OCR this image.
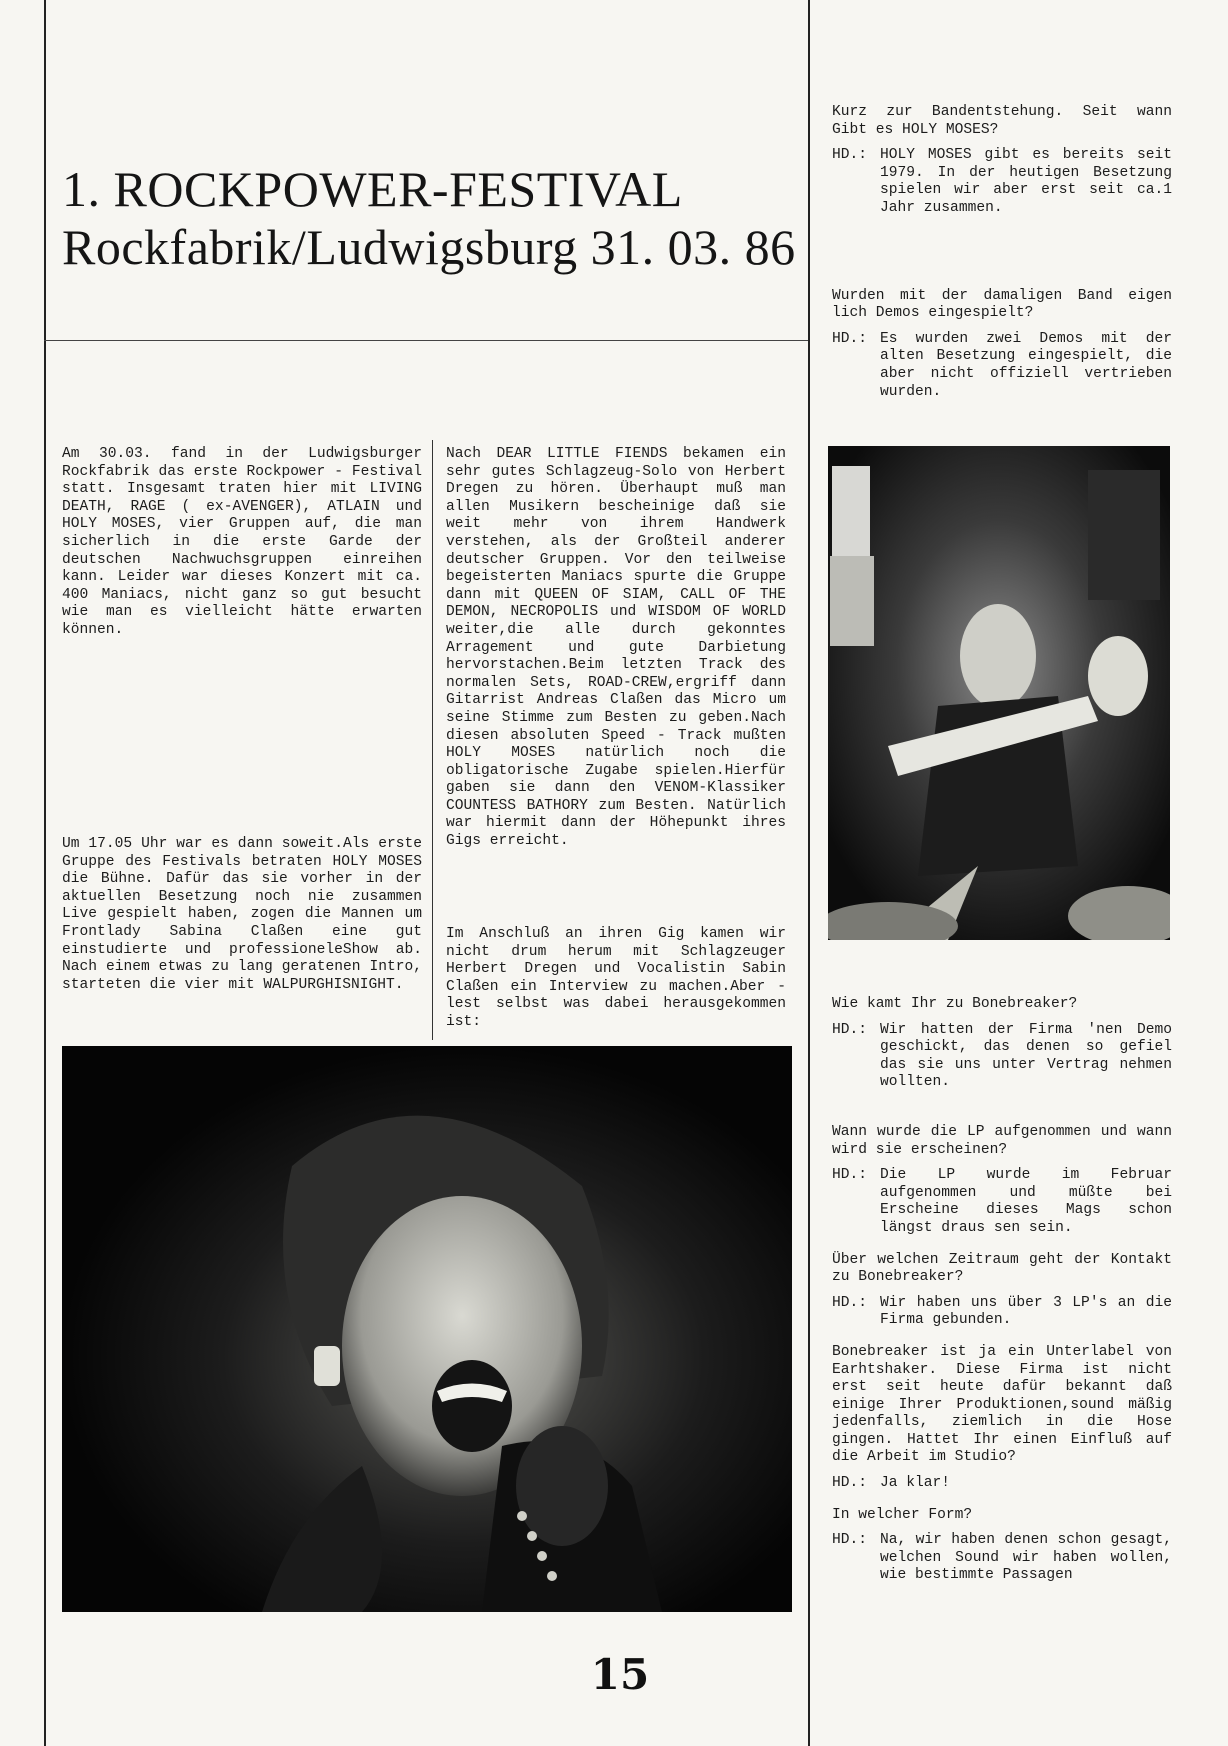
1. ROCKPOWER-FESTIVAL
Rockfabrik/Ludwigsburg 31. 03. 86

Am 30.03. fand in der Ludwigsburger Rockfabrik das erste Rockpower - Festival statt. Insgesamt traten hier mit LIVING DEATH, RAGE ( ex-AVENGER), ATLAIN und HOLY MOSES, vier Gruppen auf, die man sicherlich in die erste Garde der deutschen Nachwuchsgruppen einreihen kann. Leider war dieses Konzert mit ca. 400 Maniacs, nicht ganz so gut besucht wie man es vielleicht hätte erwarten können.

Um 17.05 Uhr war es dann soweit.Als erste Gruppe des Festivals betraten HOLY MOSES die Bühne. Dafür das sie vorher in der aktuellen Besetzung noch nie zusammen Live gespielt haben, zogen die Mannen um Frontlady Sabina Claßen eine gut einstudierte und professioneleShow ab. Nach einem etwas zu lang geratenen Intro, starteten die vier mit WALPURGHISNIGHT.

Nach DEAR LITTLE FIENDS bekamen ein sehr gutes Schlagzeug-Solo von Herbert Dregen zu hören. Überhaupt muß man allen Musikern bescheinige daß sie weit mehr von ihrem Handwerk verstehen, als der Großteil anderer deutscher Gruppen. Vor den teilweise begeisterten Maniacs spurte die Gruppe dann mit QUEEN OF SIAM, CALL OF THE DEMON, NECROPOLIS und WISDOM OF WORLD weiter,die alle durch gekonntes Arragement und gute Darbietung hervorstachen.Beim letzten Track des normalen Sets, ROAD-CREW,ergriff dann Gitarrist Andreas Claßen das Micro um seine Stimme zum Besten zu geben.Nach diesen absoluten Speed - Track mußten HOLY MOSES natürlich noch die obligatorische Zugabe spielen.Hierfür gaben sie dann den VENOM-Klassiker COUNTESS BATHORY zum Besten. Natürlich war hiermit dann der Höhepunkt ihres Gigs erreicht.

Im Anschluß an ihren Gig kamen wir nicht drum herum mit Schlagzeuger Herbert Dregen und Vocalistin Sabin Claßen ein Interview zu machen.Aber - lest selbst was dabei herausgekommen ist:

Kurz zur Bandentstehung. Seit wann Gibt es HOLY MOSES?
HD.: HOLY MOSES gibt es bereits seit 1979. In der heutigen Besetzung spielen wir aber erst seit ca.1 Jahr zusammen.
Wurden mit der damaligen Band eigen lich Demos eingespielt?
HD.: Es wurden zwei Demos mit der alten Besetzung eingespielt, die aber nicht offiziell vertrieben wurden.
Wie kamt Ihr zu Bonebreaker?
HD.: Wir hatten der Firma 'nen Demo geschickt, das denen so gefiel das sie uns unter Vertrag nehmen wollten.
Wann wurde die LP aufgenommen und wann wird sie erscheinen?
HD.: Die LP wurde im Februar aufgenommen und müßte bei Erscheine dieses Mags schon längst draus sen sein.
Über welchen Zeitraum geht der Kontakt zu Bonebreaker?
HD.: Wir haben uns über 3 LP's an die Firma gebunden.
Bonebreaker ist ja ein Unterlabel von Earhtshaker. Diese Firma ist nicht erst seit heute dafür bekannt daß einige Ihrer Produktionen,sound mäßig jedenfalls, ziemlich in die Hose gingen. Hattet Ihr einen Einfluß auf die Arbeit im Studio?
HD.: Ja klar!
In welcher Form?
HD.: Na, wir haben denen schon gesagt, welchen Sound wir haben wollen, wie bestimmte Passagen
15
